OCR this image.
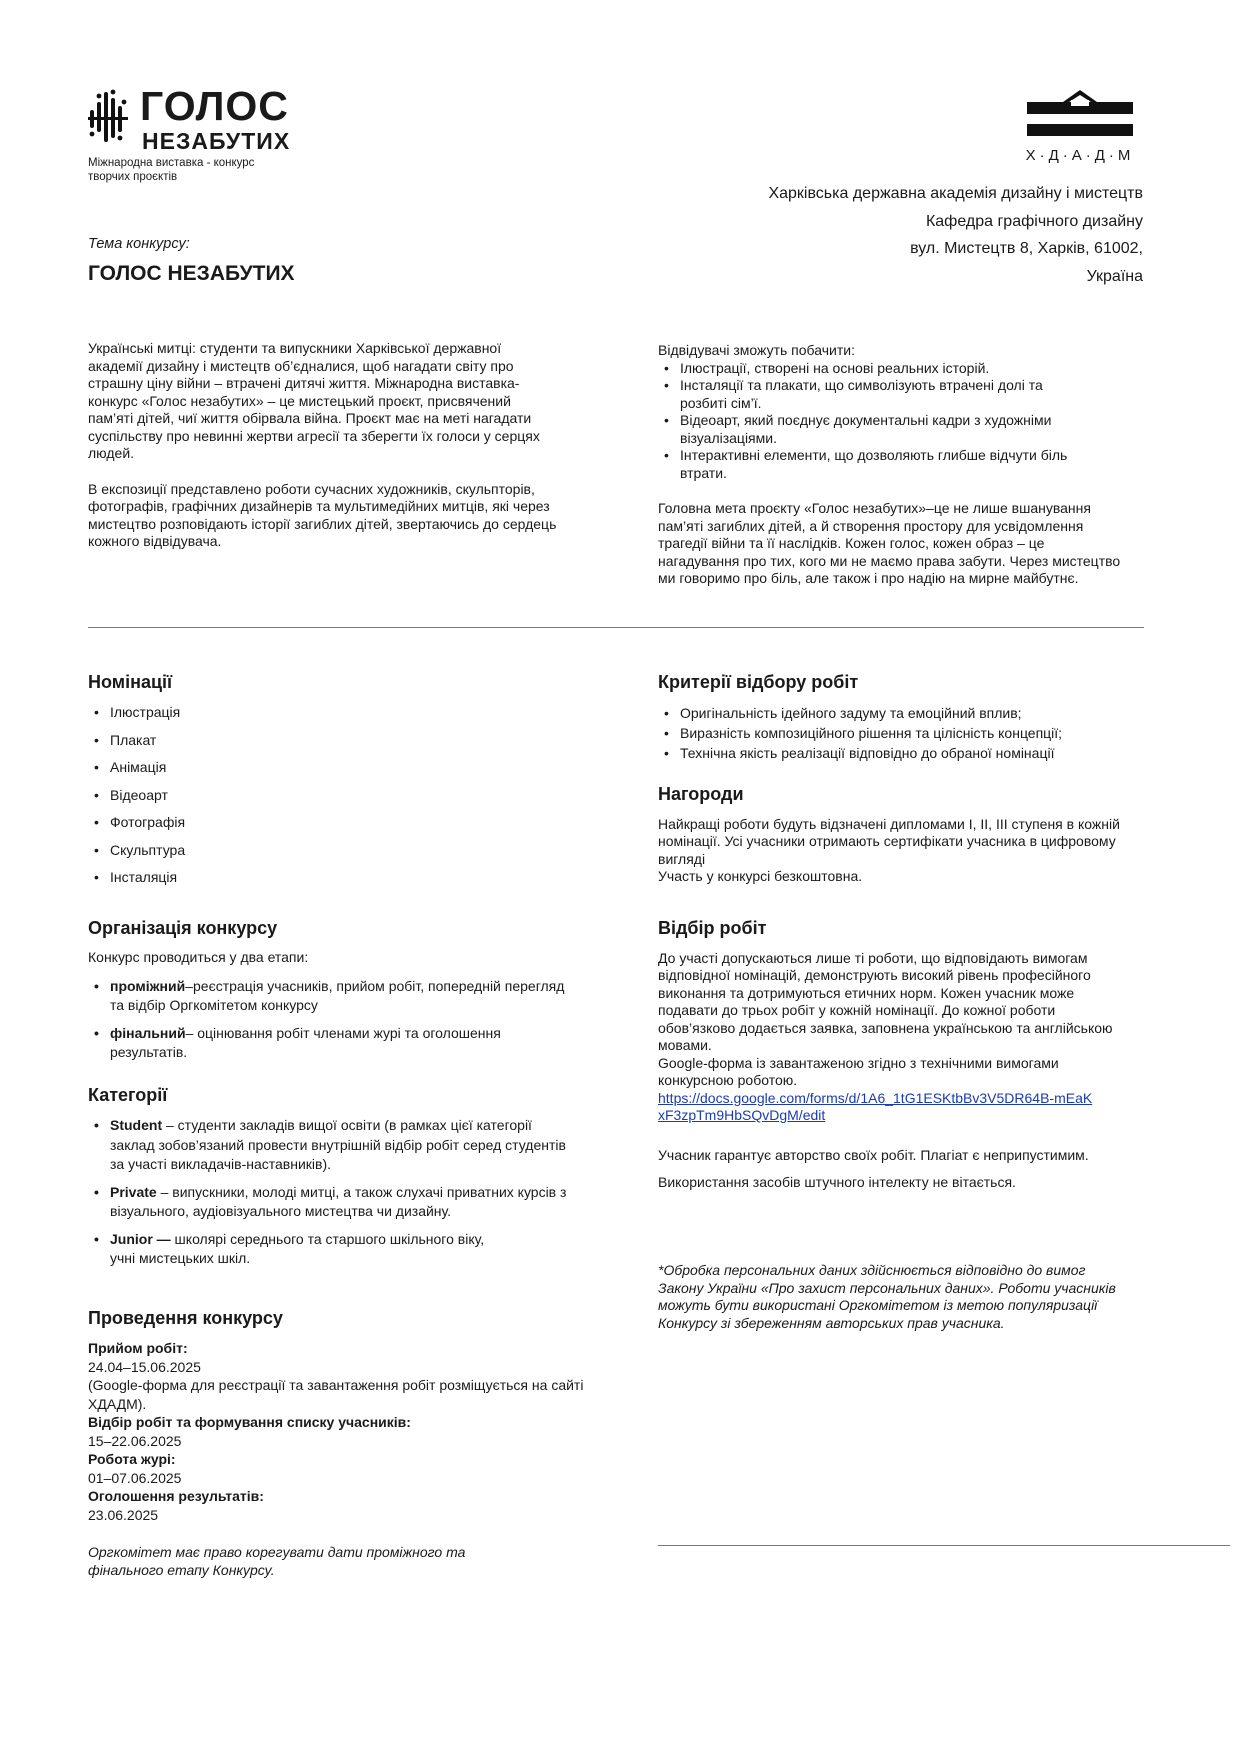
ГОЛОС
НЕЗАБУТИХ
Міжнародна виставка - конкурс творчих проєктів
Х·Д·А·Д·М
Харківська державна академія дизайну і мистецтв
Кафедра графічного дизайну
вул. Мистецтв 8, Харків, 61002,
Україна
Тема конкурсу:
ГОЛОС НЕЗАБУТИХ
Українські митці: студенти та випускники Харківської державної академії дизайну і мистецтв об’єдналися, щоб нагадати світу про страшну ціну війни – втрачені дитячі життя. Міжнародна виставка-конкурс «Голос незабутих» – це мистецький проєкт, присвячений пам’яті дітей, чиї життя обірвала війна. Проєкт має на меті нагадати суспільству про невинні жертви агресії та зберегти їх голоси у серцях людей.
В експозиції представлено роботи сучасних художників, скульпторів, фотографів, графічних дизайнерів та мультимедійних митців, які через мистецтво розповідають історії загиблих дітей, звертаючись до сердець кожного відвідувача.
Відвідувачі зможуть побачити:
• Ілюстрації, створені на основі реальних історій.
• Інсталяції та плакати, що символізують втрачені долі та розбиті сім’ї.
• Відеоарт, який поєднує документальні кадри з художніми візуалізаціями.
• Інтерактивні елементи, що дозволяють глибше відчути біль втрати.
Головна мета проєкту «Голос незабутих»–це не лише вшанування пам’яті загиблих дітей, а й створення простору для усвідомлення трагедії війни та її наслідків. Кожен голос, кожен образ – це нагадування про тих, кого ми не маємо права забути. Через мистецтво ми говоримо про біль, але також і про надію на мирне майбутнє.
Номінації
• Ілюстрація
• Плакат
• Анімація
• Відеоарт
• Фотографія
• Скульптура
• Інсталяція
Критерії відбору робіт
• Оригінальність ідейного задуму та емоційний вплив;
• Виразність композиційного рішення та цілісність концепції;
• Технічна якість реалізації відповідно до обраної номінації
Нагороди
Найкращі роботи будуть відзначені дипломами I, II, III ступеня в кожній номінації. Усі учасники отримають сертифікати учасника в цифровому вигляді
Участь у конкурсі безкоштовна.
Організація конкурсу
Конкурс проводиться у два етапи:
• проміжний–реєстрація учасників, прийом робіт, попередній перегляд та відбір Оргкомітетом конкурсу
• фінальний– оцінювання робіт членами журі та оголошення результатів.
Відбір робіт
До участі допускаються лише ті роботи, що відповідають вимогам відповідної номінацій, демонструють високий рівень професійного виконання та дотримуються етичних норм. Кожен учасник може подавати до трьох робіт у кожній номінації. До кожної роботи обов’язково додається заявка, заповнена українською та англійською мовами.
Google-форма із завантаженою згідно з технічними вимогами конкурсною роботою.
https://docs.google.com/forms/d/1A6_1tG1ESKtbBv3V5DR64B-mEaKxF3zpTm9HbSQvDgM/edit
Учасник гарантує авторство своїх робіт. Плагіат є неприпустимим.
Використання засобів штучного інтелекту не вітається.
Категорії
• Student – студенти закладів вищої освіти (в рамках цієї категорії заклад зобов’язаний провести внутрішній відбір робіт серед студентів за участі викладачів-наставників).
• Private – випускники, молоді митці, а також слухачі приватних курсів з візуального, аудіовізуального мистецтва чи дизайну.
• Junior — школярі середнього та старшого шкільного віку, учні мистецьких шкіл.
*Обробка персональних даних здійснюється відповідно до вимог Закону України «Про захист персональних даних». Роботи учасників можуть бути використані Оргкомітетом із метою популяризації Конкурсу зі збереженням авторських прав учасника.
Проведення конкурсу
Прийом робіт:
24.04–15.06.2025
(Google-форма для реєстрації та завантаження робіт розміщується на сайті ХДАДМ).
Відбір робіт та формування списку учасників:
15–22.06.2025
Робота журі:
01–07.06.2025
Оголошення результатів:
23.06.2025
Оргкомітет має право корегувати дати проміжного та фінального етапу Конкурсу.
